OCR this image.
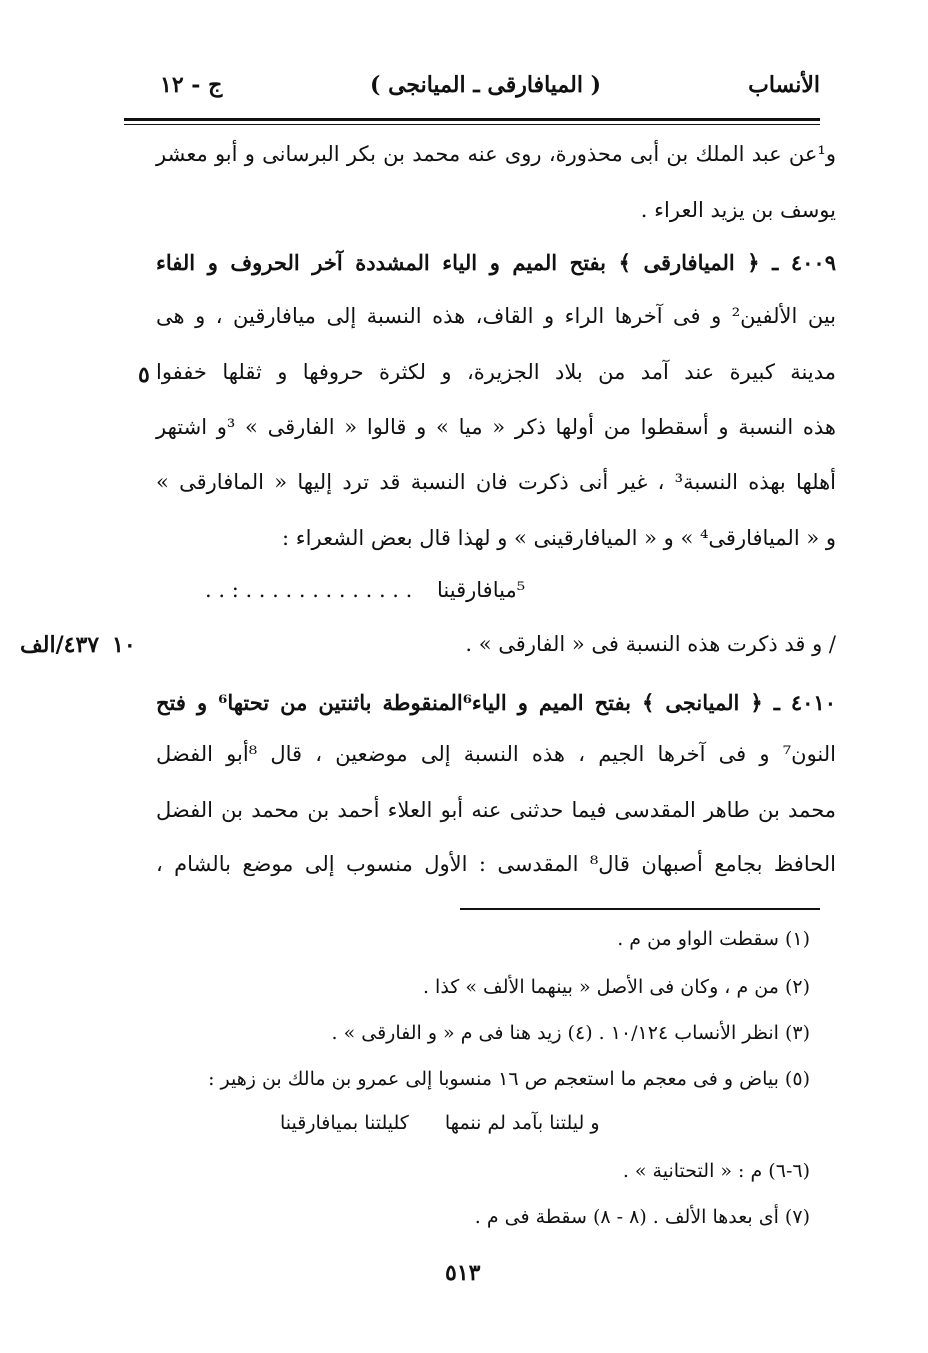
ج - ١٢	( الميافارقى ـ الميانجى )	الأنساب
و¹عن عبد الملك بن أبى محذورة، روى عنه محمد بن بكر البرسانى و أبو معشر
يوسف بن يزيد العراء .
٤٠٠٩ ـ ﴿ الميافارقى ﴾ بفتح الميم و الياء المشددة آخر الحروف و الفاء
بين الألفين² و فى آخرها الراء و القاف، هذه النسبة إلى ميافارقين ، و هى
مدينة كبيرة عند آمد من بلاد الجزيرة، و لكثرة حروفها و ثقلها خففوا
٥
هذه النسبة و أسقطوا من أولها ذكر « ميا » و قالوا « الفارقى » ³و اشتهر
أهلها بهذه النسبة³ ، غير أنى ذكرت فان النسبة قد ترد إليها « المافارقى »
و « الميافارقى⁴ » و « الميافارقينى » و لهذا قال بعض الشعراء :
⁵ميافارقينا . . . . . . . . . . . . . : . .
/ و قد ذكرت هذه النسبة فى « الفارقى » .
١٠
٤٣٧/الف
٤٠١٠ ـ ﴿ الميانجى ﴾ بفتح الميم و الياء⁶المنقوطة باثنتين من تحتها⁶ و فتح
النون⁷ و فى آخرها الجيم ، هذه النسبة إلى موضعين ، قال ⁸أبو الفضل
محمد بن طاهر المقدسى فيما حدثنى عنه أبو العلاء أحمد بن محمد بن الفضل
الحافظ بجامع أصبهان قال⁸ المقدسى : الأول منسوب إلى موضع بالشام ،
(١) سقطت الواو من م .
(٢) من م ، وكان فى الأصل « بينهما الألف » كذا .
(٣) انظر الأنساب ١٠/١٢٤ . (٤) زيد هنا فى م « و الفارقى » .
(٥) بياض و فى معجم ما استعجم ص ١٦ منسوبا إلى عمرو بن مالك بن زهير :
و ليلتنا بآمد لم ننمها كليلتنا بميافارقينا
(٦-٦) م : « التحتانية » .
(٧) أى بعدها الألف . (٨ - ٨) سقطة فى م .
٥١٣
